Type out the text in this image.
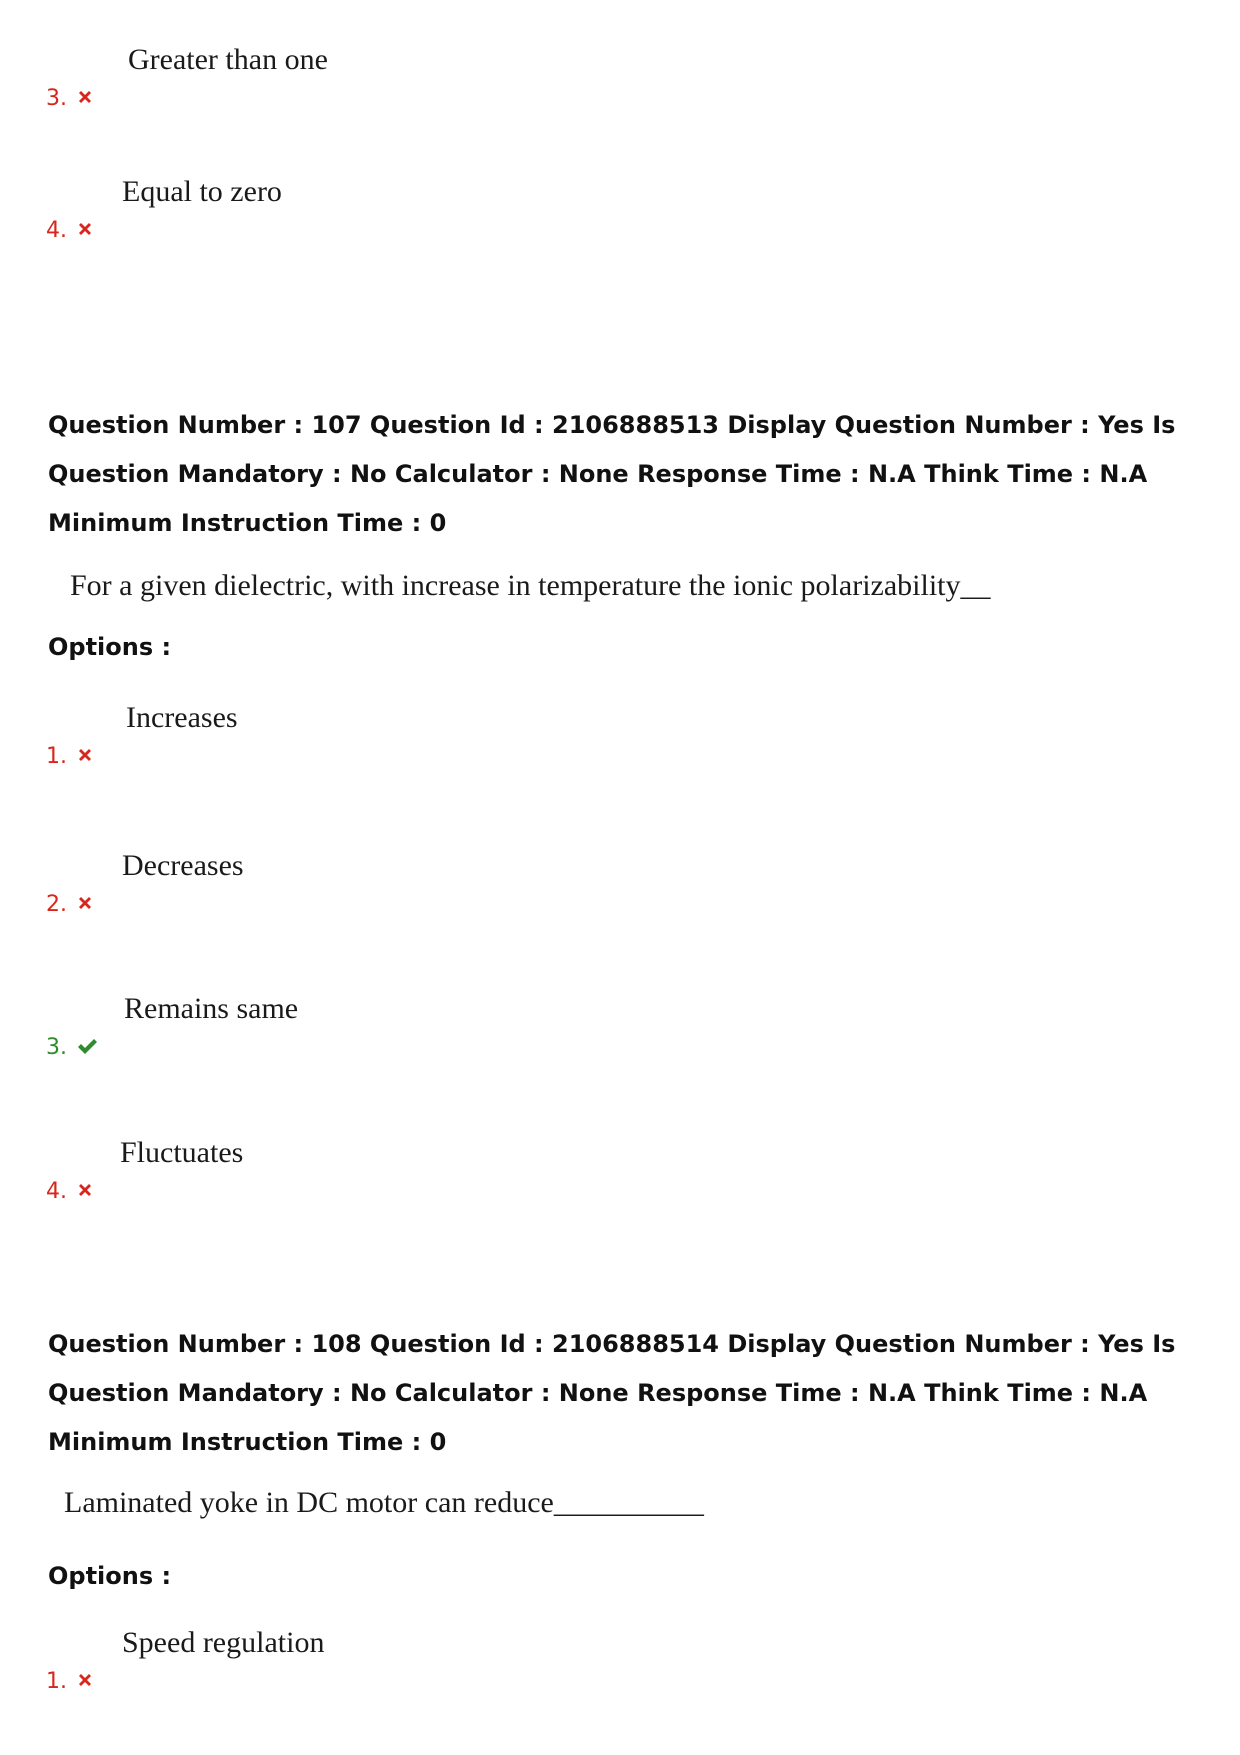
3.
Greater than one
4.
Equal to zero
Question Number : 107 Question Id : 2106888513 Display Question Number : Yes Is Question Mandatory : No Calculator : None Response Time : N.A Think Time : N.A Minimum Instruction Time : 0
For a given dielectric, with increase in temperature the ionic polarizability__
Options :
1.
Increases
2.
Decreases
3.
Remains same
4.
Fluctuates
Question Number : 108 Question Id : 2106888514 Display Question Number : Yes Is Question Mandatory : No Calculator : None Response Time : N.A Think Time : N.A Minimum Instruction Time : 0
Laminated yoke in DC motor can reduce__________
Options :
1.
Speed regulation
